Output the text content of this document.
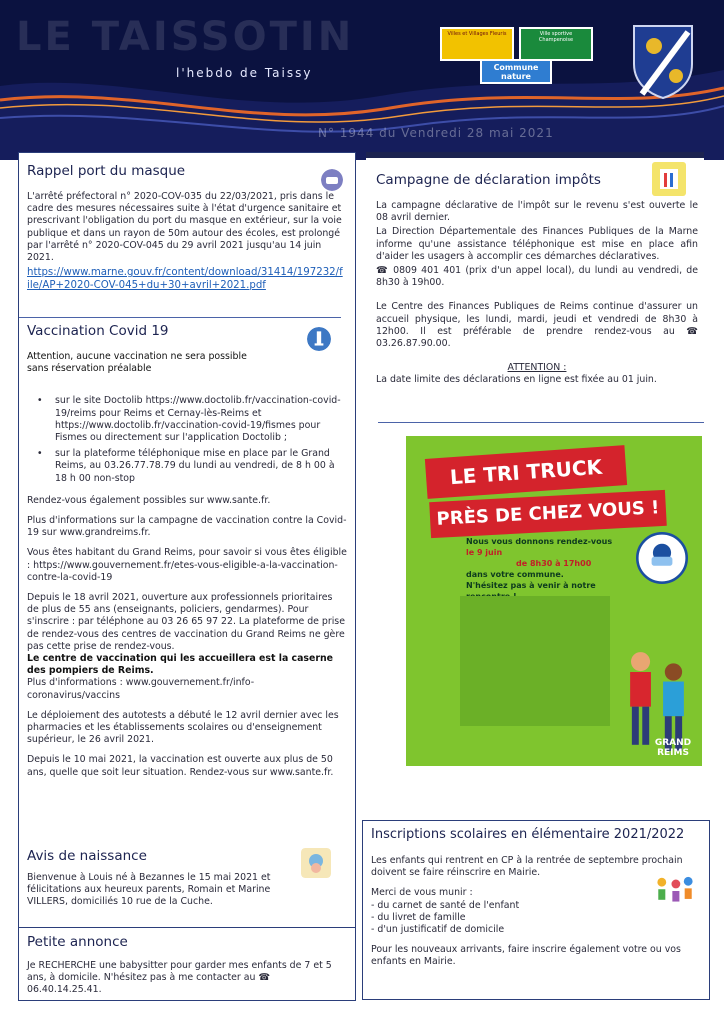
LE TAISSOTIN
l'hebdo de Taissy
N° 1944 du Vendredi 28 mai 2021
Villes et Villages Fleuris	Ville sportive Champenoise
Commune nature
Rappel port du masque

L'arrêté préfectoral n° 2020-COV-035 du 22/03/2021, pris dans le cadre des mesures nécessaires suite à l'état d'urgence sanitaire et prescrivant l'obligation du port du masque en extérieur, sur la voie publique et dans un rayon de 50m autour des écoles, est prolongé par l'arrêté n° 2020-COV-045 du 29 avril 2021 jusqu'au 14 juin 2021.

https://www.marne.gouv.fr/content/download/31414/197232/file/AP+2020-COV-045+du+30+avril+2021.pdf
Vaccination Covid 19

Attention, aucune vaccination ne sera possible sans réservation préalable

• sur le site Doctolib https://www.doctolib.fr/vaccination-covid-19/reims pour Reims et Cernay-lès-Reims et https://www.doctolib.fr/vaccination-covid-19/fismes pour Fismes ou directement sur l'application Doctolib ;
• sur la plateforme téléphonique mise en place par le Grand Reims, au 03.26.77.78.79 du lundi au vendredi, de 8 h 00 à 18 h 00 non-stop

Rendez-vous également possibles sur www.sante.fr.

Plus d'informations sur la campagne de vaccination contre la Covid-19 sur www.grandreims.fr.

Vous êtes habitant du Grand Reims, pour savoir si vous êtes éligible : https://www.gouvernement.fr/etes-vous-eligible-a-la-vaccination-contre-la-covid-19

Depuis le 18 avril 2021, ouverture aux professionnels prioritaires de plus de 55 ans (enseignants, policiers, gendarmes). Pour s'inscrire : par téléphone au 03 26 65 97 22. La plateforme de prise de rendez-vous des centres de vaccination du Grand Reims ne gère pas cette prise de rendez-vous.

Le centre de vaccination qui les accueillera est la caserne des pompiers de Reims.

Plus d'informations : www.gouvernement.fr/info-coronavirus/vaccins

Le déploiement des autotests a débuté le 12 avril dernier avec les pharmacies et les établissements scolaires ou d'enseignement supérieur, le 26 avril 2021.

Depuis le 10 mai 2021, la vaccination est ouverte aux plus de 50 ans, quelle que soit leur situation. Rendez-vous sur www.sante.fr.

Avis de naissance
Bienvenue à Louis né à Bezannes le 15 mai 2021 et félicitations aux heureux parents, Romain et Marine VILLERS, domiciliés 10 rue de la Cuche.
Petite annonce
Je RECHERCHE une babysitter pour garder mes enfants de 7 et 5 ans, à domicile. N'hésitez pas à me contacter au ☎ 06.40.14.25.41.
Campagne de déclaration impôts

La campagne déclarative de l'impôt sur le revenu s'est ouverte le 08 avril dernier.

La Direction Départementale des Finances Publiques de la Marne informe qu'une assistance téléphonique est mise en place afin d'aider les usagers à accomplir ces démarches déclaratives.

☎ 0809 401 401 (prix d'un appel local), du lundi au vendredi, de 8h30 à 19h00.

Le Centre des Finances Publiques de Reims continue d'assurer un accueil physique, les lundi, mardi, jeudi et vendredi de 8h30 à 12h00. Il est préférable de prendre rendez-vous au ☎ 03.26.87.90.00.

ATTENTION :

La date limite des déclarations en ligne est fixée au 01 juin.

LE TRI TRUCK
PRÈS DE CHEZ VOUS !
Nous vous donnons rendez-vous
le 9 juin
de 8h30 à 17h00
dans votre commune.
N'hésitez pas à venir à notre
GRAND REIMS
Inscriptions scolaires en élémentaire 2021/2022

Les enfants qui rentrent en CP à la rentrée de septembre prochain doivent se faire réinscrire en Mairie.

Merci de vous munir :
- du carnet de santé de l'enfant
- du livret de famille
- d'un justificatif de domicile

Pour les nouveaux arrivants, faire inscrire également votre ou vos enfants en Mairie.
